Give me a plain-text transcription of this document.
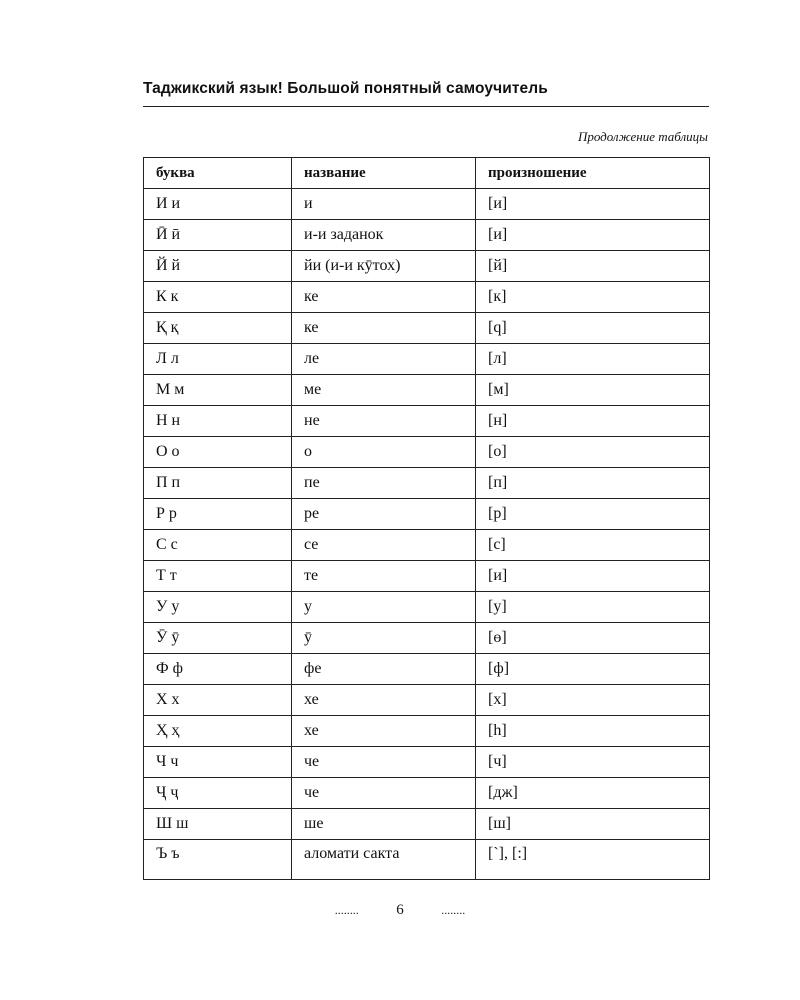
Таджикский язык! Большой понятный самоучитель
Продолжение таблицы
буква	название	произношение
И и	и	[и]
Ӣ ӣ	и-и заданок	[и]
Й й	йи (и-и кӯтох)	[й]
К к	ке	[к]
Қ қ	ке	[q]
Л л	ле	[л]
М м	ме	[м]
Н н	не	[н]
О о	о	[о]
П п	пе	[п]
Р р	ре	[р]
С с	се	[с]
Т т	те	[и]
У у	у	[у]
Ӯ ӯ	ӯ	[ө]
Ф ф	фе	[ф]
Х х	хе	[х]
Ҳ ҳ	хе	[h]
Ч ч	че	[ч]
Ҷ ҷ	че	[дж]
Ш ш	ше	[ш]
Ъ ъ	аломати сакта	[`], [:]
........	6	........
